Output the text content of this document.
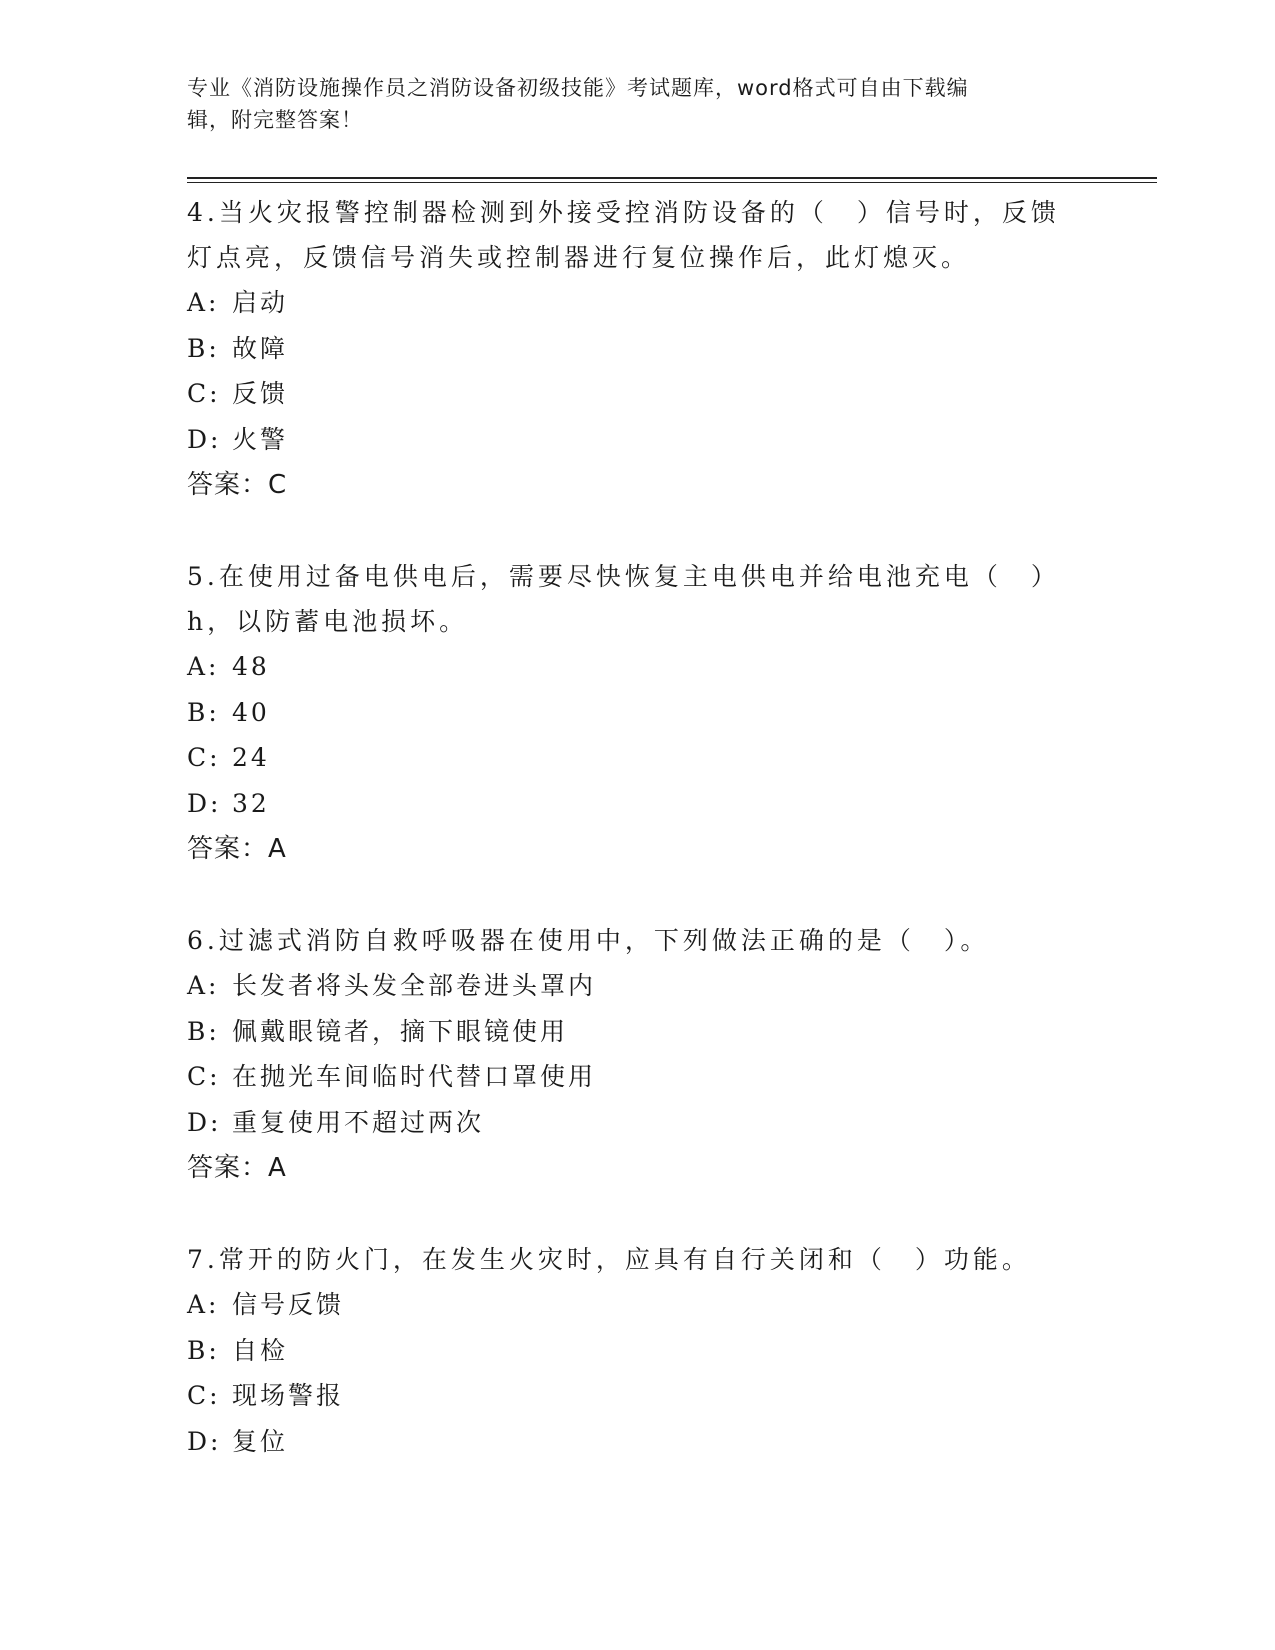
专业《消防设施操作员之消防设备初级技能》考试题库，word格式可自由下载编
辑，附完整答案！
4.当火灾报警控制器检测到外接受控消防设备的（　）信号时，反馈灯点亮，反馈信号消失或控制器进行复位操作后，此灯熄灭。
A: 启动
B: 故障
C: 反馈
D: 火警
答案：C
5.在使用过备电供电后，需要尽快恢复主电供电并给电池充电（　）h，以防蓄电池损坏。
A: 48
B: 40
C: 24
D: 32
答案：A
6.过滤式消防自救呼吸器在使用中，下列做法正确的是（　）。
A: 长发者将头发全部卷进头罩内
B: 佩戴眼镜者，摘下眼镜使用
C: 在抛光车间临时代替口罩使用
D: 重复使用不超过两次
答案：A
7.常开的防火门，在发生火灾时，应具有自行关闭和（　）功能。
A: 信号反馈
B: 自检
C: 现场警报
D: 复位
